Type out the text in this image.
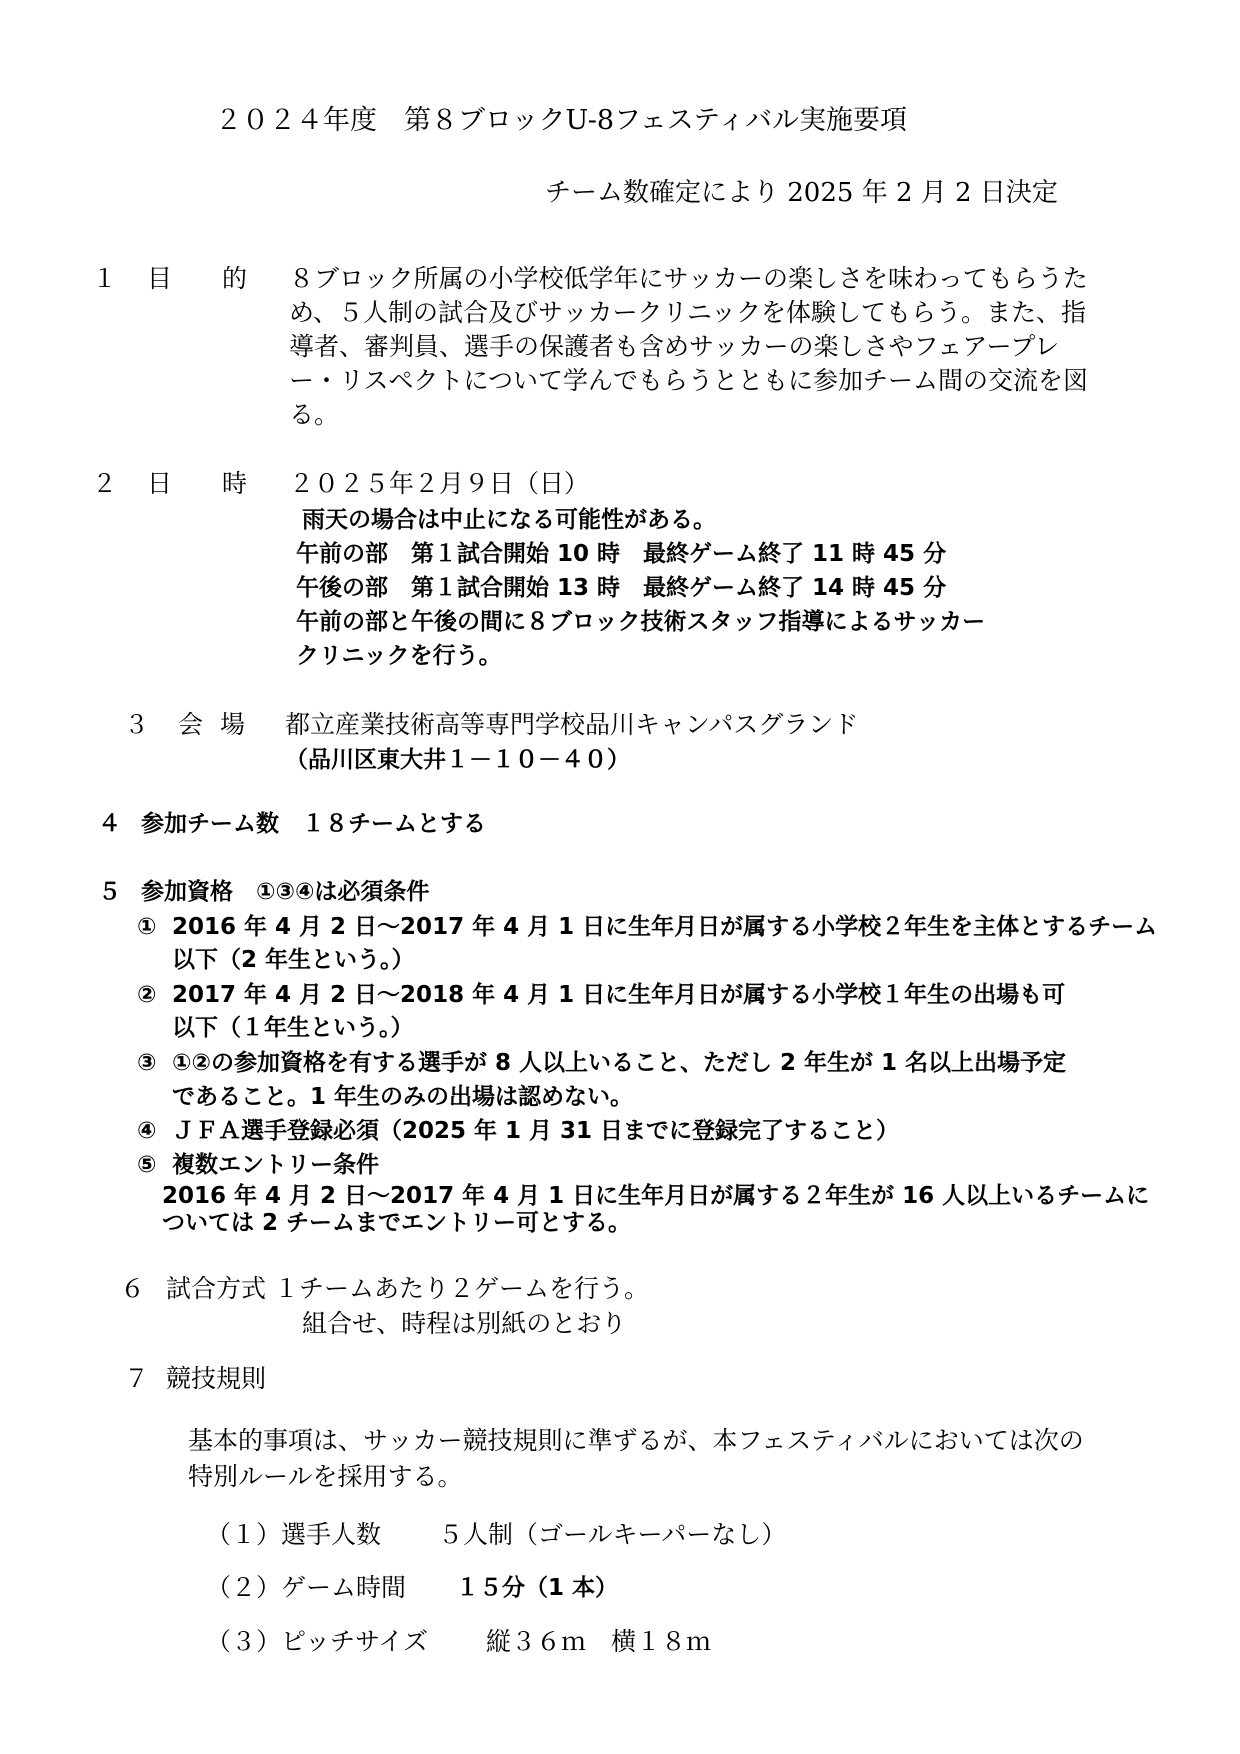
２０２４年度　第８ブロックU-8フェスティバル実施要項
チーム数確定により 2025 年 2 月 2 日決定
１ 目 的 ８ブロック所属の小学校低学年にサッカーの楽しさを味わってもらうた
め、５人制の試合及びサッカークリニックを体験してもらう。また、指
導者、審判員、選手の保護者も含めサッカーの楽しさやフェアープレ
ー・リスペクトについて学んでもらうとともに参加チーム間の交流を図
る。
２ 日 時 ２０２５年２月９日（日）
雨天の場合は中止になる可能性がある。
午前の部　第１試合開始 10 時　最終ゲーム終了 11 時 45 分
午後の部　第１試合開始 13 時　最終ゲーム終了 14 時 45 分
午前の部と午後の間に８ブロック技術スタッフ指導によるサッカー
クリニックを行う。
３ 会 場 都立産業技術高等専門学校品川キャンパスグランド
（品川区東大井１－１０－４０）
４ 参加チーム数　１８チームとする
５ 参加資格　①③④は必須条件
① 2016 年 4 月 2 日～2017 年 4 月 1 日に生年月日が属する小学校２年生を主体とするチーム
以下（2 年生という。）
② 2017 年 4 月 2 日～2018 年 4 月 1 日に生年月日が属する小学校１年生の出場も可
以下（１年生という。）
③ ①②の参加資格を有する選手が 8 人以上いること、ただし 2 年生が 1 名以上出場予定
であること。1 年生のみの出場は認めない。
④ ＪＦＡ選手登録必須（2025 年 1 月 31 日までに登録完了すること）
⑤ 複数エントリー条件
2016 年 4 月 2 日～2017 年 4 月 1 日に生年月日が属する２年生が 16 人以上いるチームに
ついては 2 チームまでエントリー可とする。
６ 試合方式 １チームあたり２ゲームを行う。
組合せ、時程は別紙のとおり
７ 競技規則
基本的事項は、サッカー競技規則に準ずるが、本フェスティバルにおいては次の
特別ルールを採用する。
（１）選手人数 ５人制（ゴールキーパーなし）
（２）ゲーム時間 １５分（1 本）
（３）ピッチサイズ 縦３６ｍ　横１８ｍ
